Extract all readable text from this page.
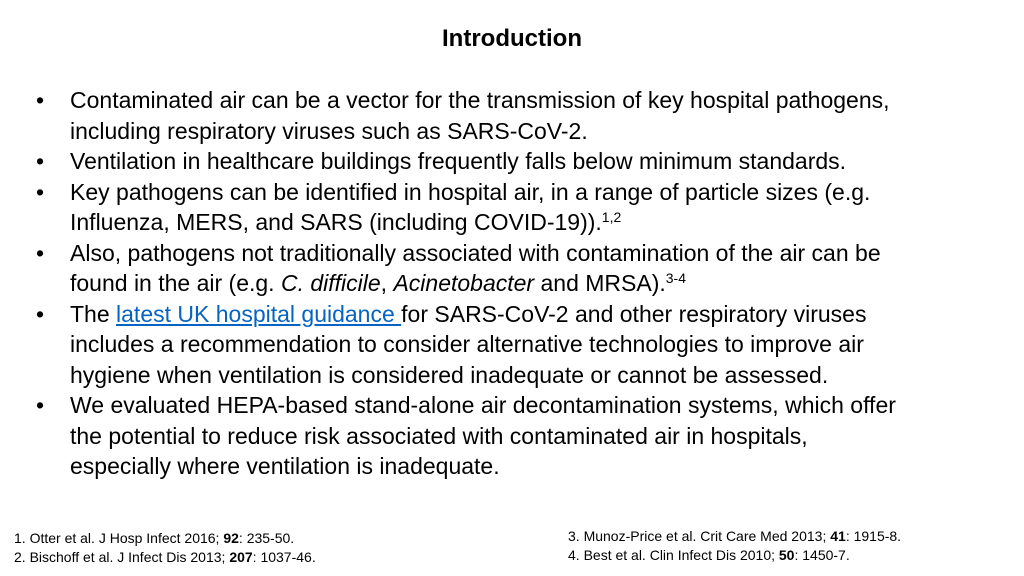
Introduction
• Contaminated air can be a vector for the transmission of key hospital pathogens,
including respiratory viruses such as SARS-CoV-2.
• Ventilation in healthcare buildings frequently falls below minimum standards.
• Key pathogens can be identified in hospital air, in a range of particle sizes (e.g.
Influenza, MERS, and SARS (including COVID-19)).$^{1,2}$
• Also, pathogens not traditionally associated with contamination of the air can be
found in the air (e.g. C. difficile, Acinetobacter and MRSA).$^{3-4}$
• The latest UK hospital guidance for SARS-CoV-2 and other respiratory viruses
includes a recommendation to consider alternative technologies to improve air
hygiene when ventilation is considered inadequate or cannot be assessed.
• We evaluated HEPA-based stand-alone air decontamination systems, which offer
the potential to reduce risk associated with contaminated air in hospitals,
especially where ventilation is inadequate.
1. Otter et al. J Hosp Infect 2016; 92: 235-50.
2. Bischoff et al. J Infect Dis 2013; 207: 1037-46.
3. Munoz-Price et al. Crit Care Med 2013; 41: 1915-8.
4. Best et al. Clin Infect Dis 2010; 50: 1450-7.
